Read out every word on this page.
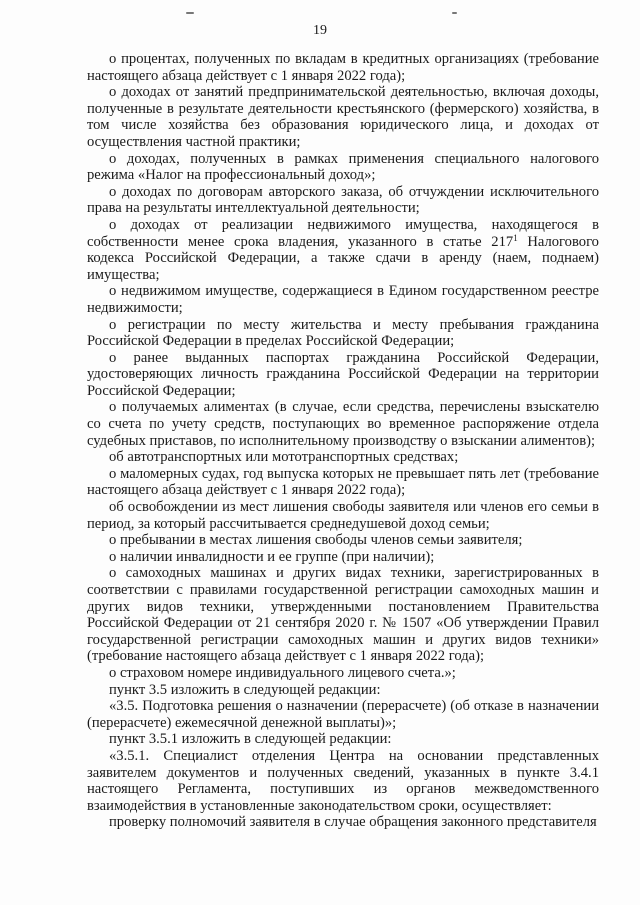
19

о процентах, полученных по вкладам в кредитных организациях (требование настоящего абзаца действует с 1 января 2022 года);

о доходах от занятий предпринимательской деятельностью, включая доходы, полученные в результате деятельности крестьянского (фермерского) хозяйства, в том числе хозяйства без образования юридического лица, и доходах от осуществления частной практики;

о доходах, полученных в рамках применения специального налогового режима «Налог на профессиональный доход»;

о доходах по договорам авторского заказа, об отчуждении исключительного права на результаты интеллектуальной деятельности;

о доходах от реализации недвижимого имущества, находящегося в собственности менее срока владения, указанного в статье $217^1$ Налогового кодекса Российской Федерации, а также сдачи в аренду (наем, поднаем) имущества;

о недвижимом имуществе, содержащиеся в Едином государственном реестре недвижимости;

о регистрации по месту жительства и месту пребывания гражданина Российской Федерации в пределах Российской Федерации;

о ранее выданных паспортах гражданина Российской Федерации, удостоверяющих личность гражданина Российской Федерации на территории Российской Федерации;

о получаемых алиментах (в случае, если средства, перечислены взыскателю со счета по учету средств, поступающих во временное распоряжение отдела судебных приставов, по исполнительному производству о взыскании алиментов);

об автотранспортных или мототранспортных средствах;

о маломерных судах, год выпуска которых не превышает пять лет (требование настоящего абзаца действует с 1 января 2022 года);

об освобождении из мест лишения свободы заявителя или членов его семьи в период, за который рассчитывается среднедушевой доход семьи;

о пребывании в местах лишения свободы членов семьи заявителя;

о наличии инвалидности и ее группе (при наличии);

о самоходных машинах и других видах техники, зарегистрированных в соответствии с правилами государственной регистрации самоходных машин и других видов техники, утвержденными постановлением Правительства Российской Федерации от 21 сентября 2020 г. № 1507 «Об утверждении Правил государственной регистрации самоходных машин и других видов техники» (требование настоящего абзаца действует с 1 января 2022 года);

о страховом номере индивидуального лицевого счета.»;

пункт 3.5 изложить в следующей редакции:

«3.5. Подготовка решения о назначении (перерасчете) (об отказе в назначении (перерасчете) ежемесячной денежной выплаты)»;

пункт 3.5.1 изложить в следующей редакции:

«3.5.1. Специалист отделения Центра на основании представленных заявителем документов и полученных сведений, указанных в пункте 3.4.1 настоящего Регламента, поступивших из органов межведомственного взаимодействия в установленные законодательством сроки, осуществляет:

проверку полномочий заявителя в случае обращения законного представителя
